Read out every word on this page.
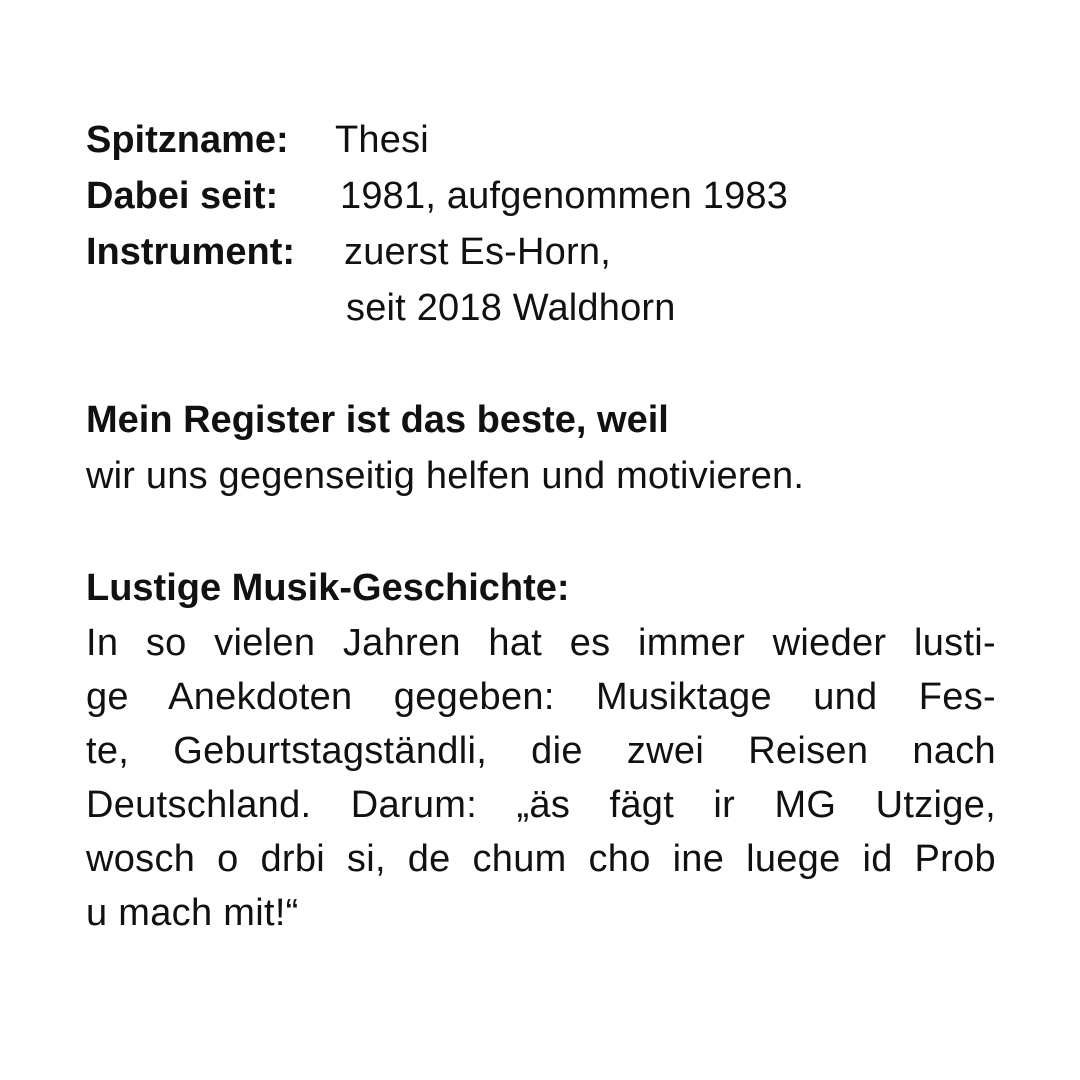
Spitzname:	Thesi
Dabei seit:	1981, aufgenommen 1983
Instrument:	zuerst Es-Horn,
seit 2018 Waldhorn
Mein Register ist das beste, weil
wir uns gegenseitig helfen und motivieren.
Lustige Musik-Geschichte:
In so vielen Jahren hat es immer wieder lusti-
ge Anekdoten gegeben: Musiktage und Fes-
te, Geburtstagständli, die zwei Reisen nach
Deutschland. Darum: „äs fägt ir MG Utzige,
wosch o drbi si, de chum cho ine luege id Prob
u mach mit!“
